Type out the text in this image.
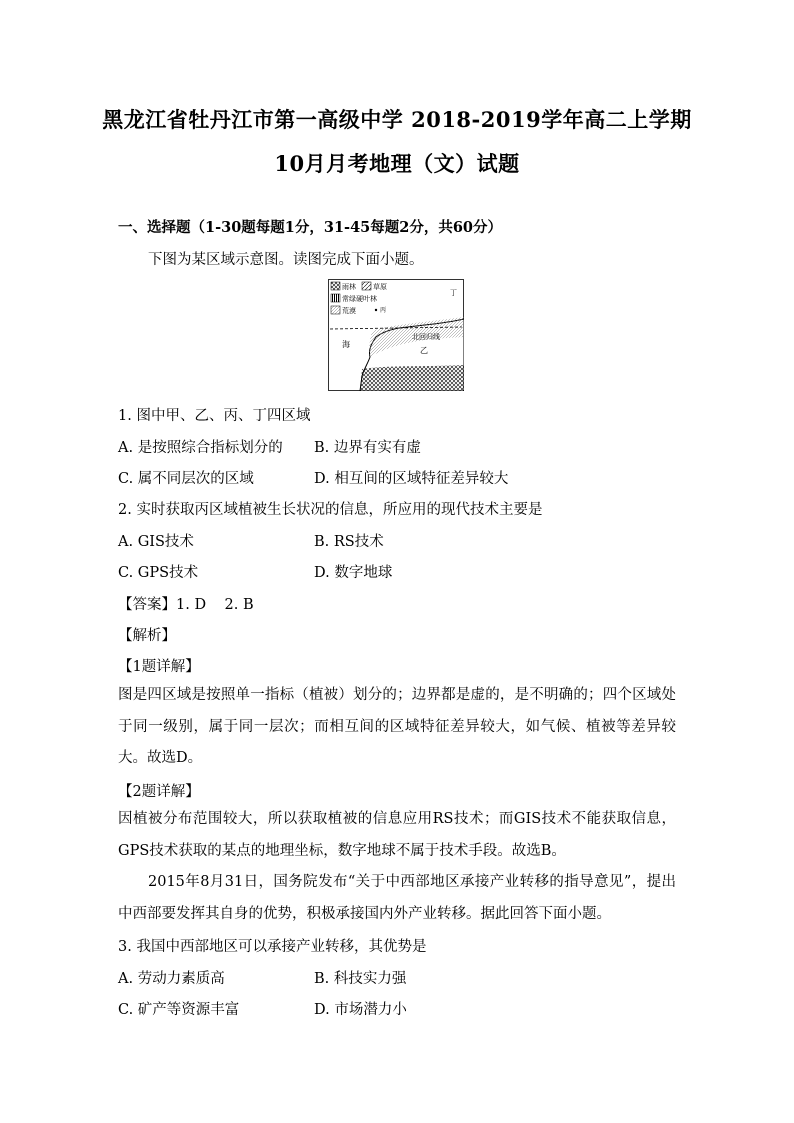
黑龙江省牡丹江市第一高级中学 2018-2019学年高二上学期
10月月考地理（文）试题
一、选择题（1-30题每题1分，31-45每题2分，共60分）
下图为某区域示意图。读图完成下面小题。
雨林 草原
常绿硬叶林
荒漠	丙
海
北回归线
乙
丁
1. 图中甲、乙、丙、丁四区域
A. 是按照综合指标划分的 B. 边界有实有虚
C. 属不同层次的区域	D. 相互间的区域特征差异较大
2. 实时获取丙区域植被生长状况的信息，所应用的现代技术主要是
A. GIS技术	B. RS技术
C. GPS技术	D. 数字地球
【答案】1. D    2. B
【解析】
【1题详解】
图是四区域是按照单一指标（植被）划分的；边界都是虚的，是不明确的；四个区域处于同一级别，属于同一层次；而相互间的区域特征差异较大，如气候、植被等差异较大。故选D。
【2题详解】
因植被分布范围较大，所以获取植被的信息应用RS技术；而GIS技术不能获取信息，GPS技术获取的某点的地理坐标，数字地球不属于技术手段。故选B。
2015年8月31日，国务院发布“关于中西部地区承接产业转移的指导意见”，提出中西部要发挥其自身的优势，积极承接国内外产业转移。据此回答下面小题。
3. 我国中西部地区可以承接产业转移，其优势是
A. 劳动力素质高	B. 科技实力强
C. 矿产等资源丰富	D. 市场潜力小
